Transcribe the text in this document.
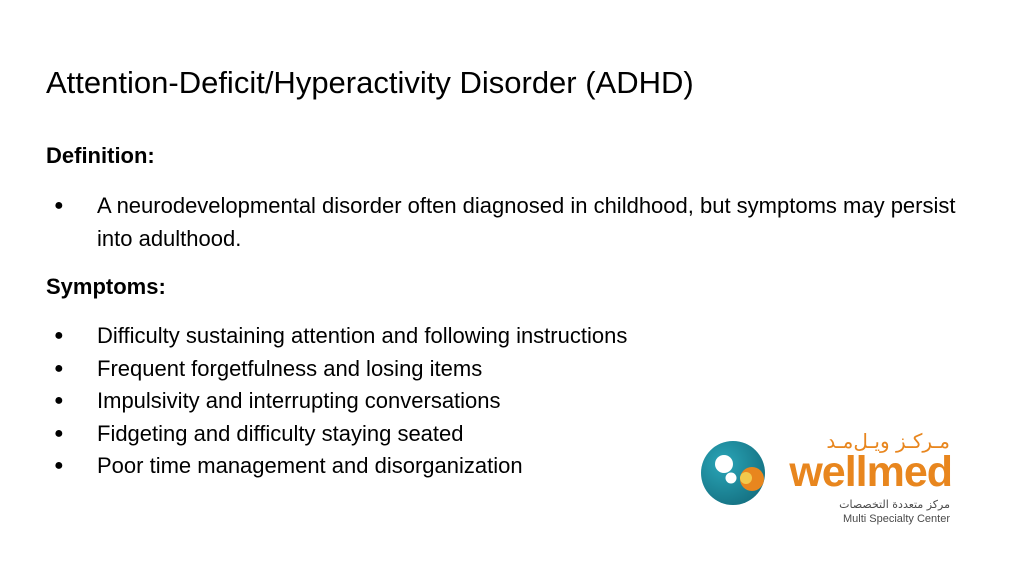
Attention-Deficit/Hyperactivity Disorder (ADHD)
Definition:
● A neurodevelopmental disorder often diagnosed in childhood, but symptoms may persist into adulthood.
Symptoms:
● Difficulty sustaining attention and following instructions
● Frequent forgetfulness and losing items
● Impulsivity and interrupting conversations
● Fidgeting and difficulty staying seated
● Poor time management and disorganization
مـركـز ويـل‌مـد
wellmed
مركز متعددة التخصصات
Multi Specialty Center
